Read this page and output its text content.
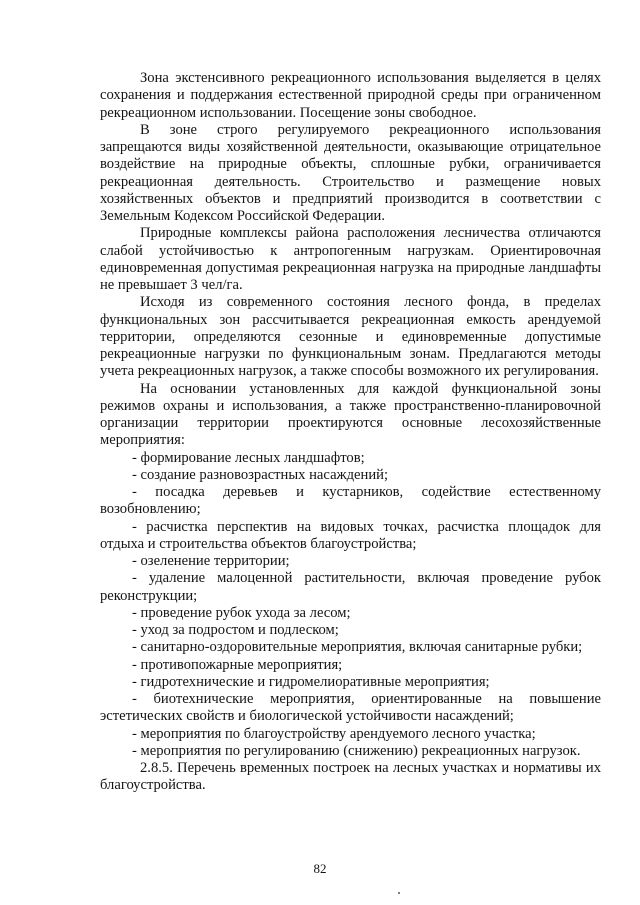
Зона экстенсивного рекреационного использования выделяется в целях сохранения и поддержания естественной природной среды при ограниченном рекреационном использовании. Посещение зоны свободное.

В зоне строго регулируемого рекреационного использования запрещаются виды хозяйственной деятельности, оказывающие отрицательное воздействие на природные объекты, сплошные рубки, ограничивается рекреационная деятельность. Строительство и размещение новых хозяйственных объектов и предприятий производится в соответствии с Земельным Кодексом Российской Федерации.

Природные комплексы района расположения лесничества отличаются слабой устойчивостью к антропогенным нагрузкам. Ориентировочная единовременная допустимая рекреационная нагрузка на природные ландшафты не превышает 3 чел/га.

Исходя из современного состояния лесного фонда, в пределах функциональных зон рассчитывается рекреационная емкость арендуемой территории, определяются сезонные и единовременные допустимые рекреационные нагрузки по функциональным зонам. Предлагаются методы учета рекреационных нагрузок, а также способы возможного их регулирования.

На основании установленных для каждой функциональной зоны режимов охраны и использования, а также пространственно-планировочной организации территории проектируются основные лесохозяйственные мероприятия:

- формирование лесных ландшафтов;

- создание разновозрастных насаждений;

- посадка деревьев и кустарников, содействие естественному возобновлению;

- расчистка перспектив на видовых точках, расчистка площадок для отдыха и строительства объектов благоустройства;

- озеленение территории;

- удаление малоценной растительности, включая проведение рубок реконструкции;

- проведение рубок ухода за лесом;

- уход за подростом и подлеском;

- санитарно-оздоровительные мероприятия, включая санитарные рубки;

- противопожарные мероприятия;

- гидротехнические и гидромелиоративные мероприятия;

- биотехнические мероприятия, ориентированные на повышение эстетических свойств и биологической устойчивости насаждений;

- мероприятия по благоустройству арендуемого лесного участка;

- мероприятия по регулированию (снижению) рекреационных нагрузок.

2.8.5. Перечень временных построек на лесных участках и нормативы их благоустройства.

82
